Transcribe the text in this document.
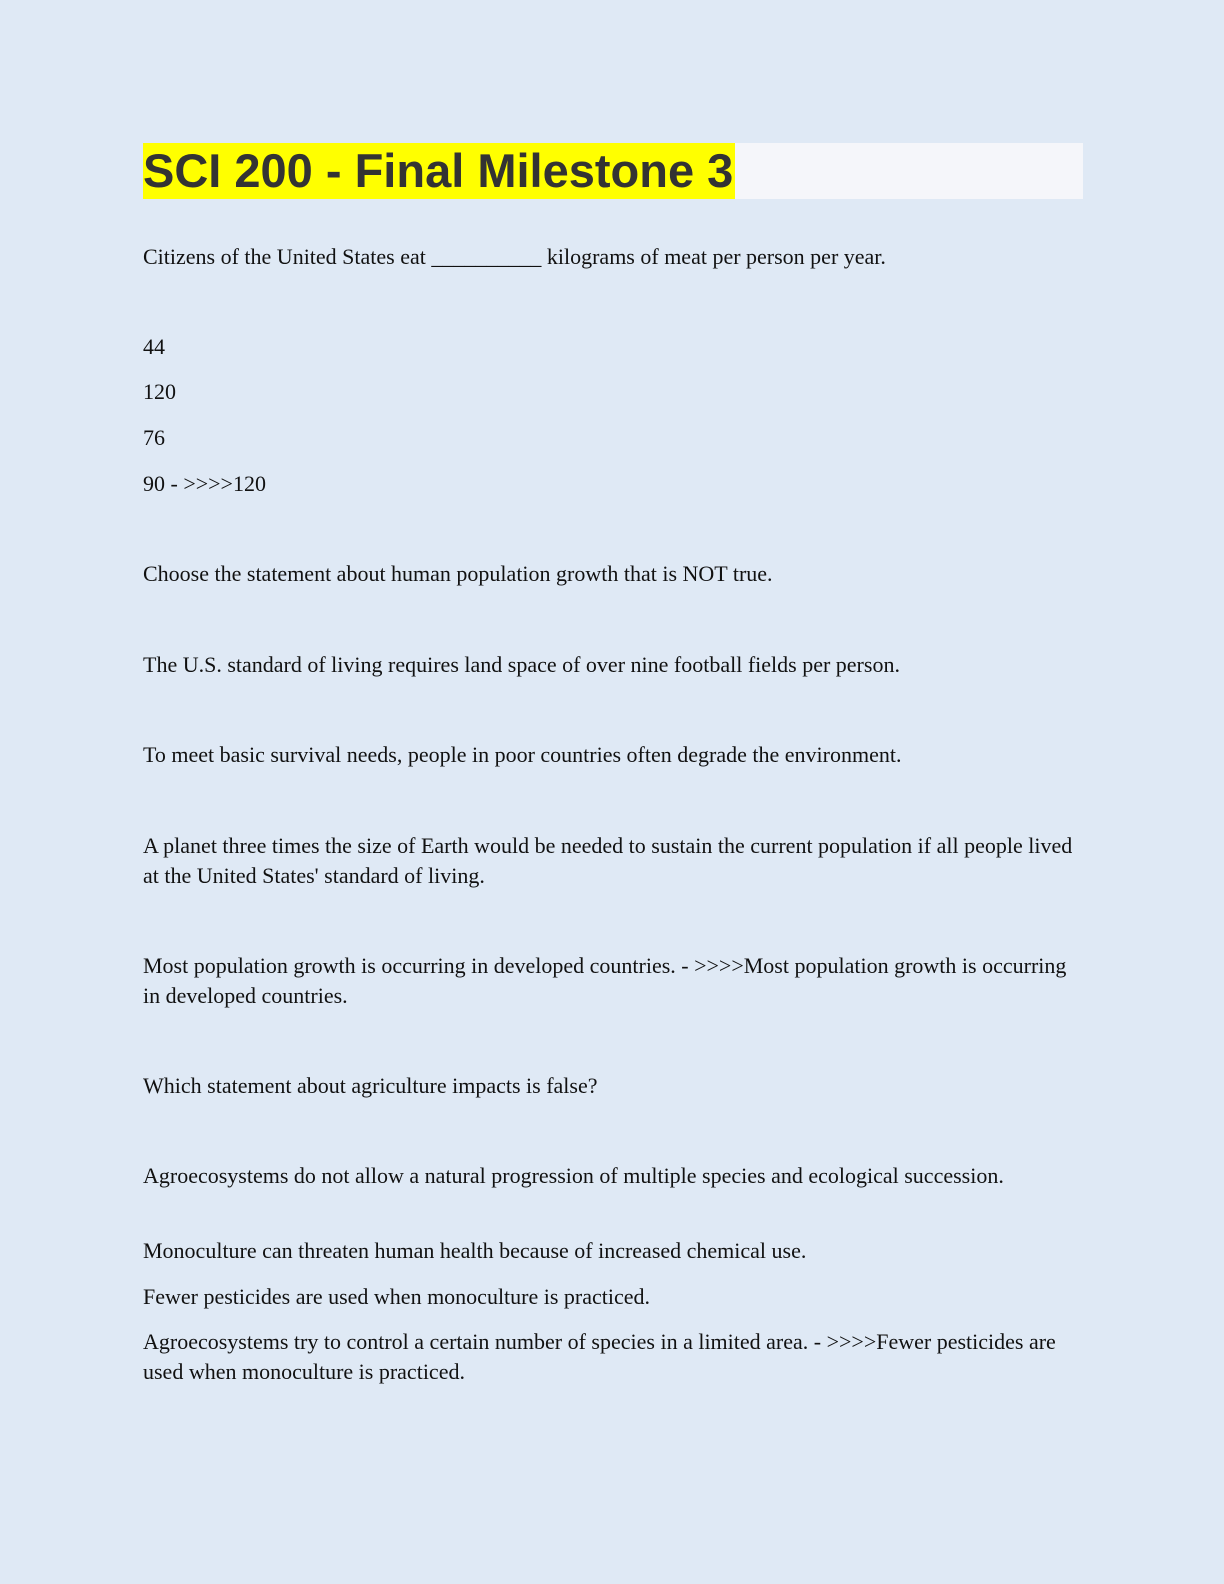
SCI 200 - Final Milestone 3

Citizens of the United States eat __________ kilograms of meat per person per year.

44

120

76

90 - >>>>120

Choose the statement about human population growth that is NOT true.

The U.S. standard of living requires land space of over nine football fields per person.

To meet basic survival needs, people in poor countries often degrade the environment.

A planet three times the size of Earth would be needed to sustain the current population if all people lived at the United States' standard of living.

Most population growth is occurring in developed countries. - >>>>Most population growth is occurring in developed countries.

Which statement about agriculture impacts is false?

Agroecosystems do not allow a natural progression of multiple species and ecological succession.

Monoculture can threaten human health because of increased chemical use.

Fewer pesticides are used when monoculture is practiced.

Agroecosystems try to control a certain number of species in a limited area. - >>>>Fewer pesticides are used when monoculture is practiced.
